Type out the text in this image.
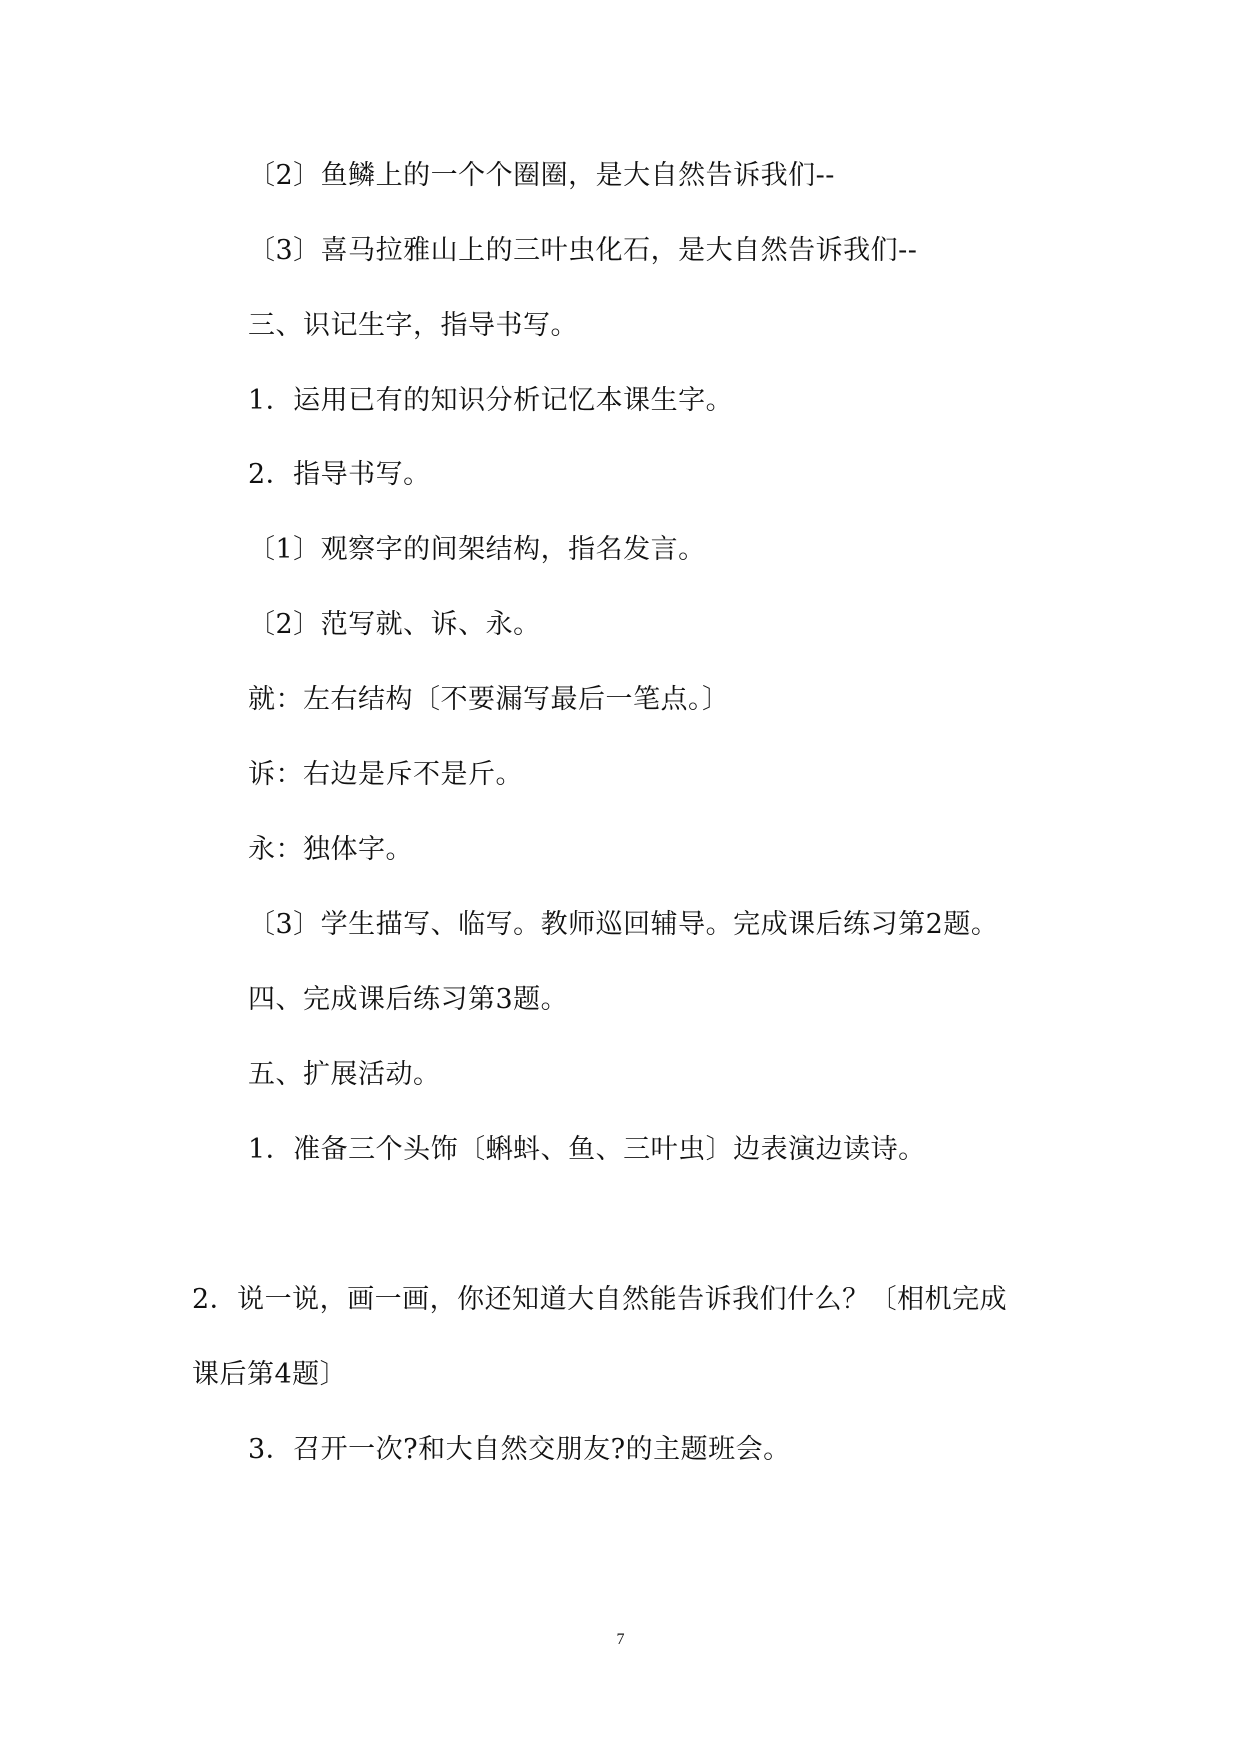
〔2〕鱼鳞上的一个个圈圈，是大自然告诉我们--
〔3〕喜马拉雅山上的三叶虫化石，是大自然告诉我们--
三、识记生字，指导书写。
1．运用已有的知识分析记忆本课生字。
2．指导书写。
〔1〕观察字的间架结构，指名发言。
〔2〕范写就、诉、永。
就：左右结构〔不要漏写最后一笔点。〕
诉：右边是斥不是斤。
永：独体字。
〔3〕学生描写、临写。教师巡回辅导。完成课后练习第2题。
四、完成课后练习第3题。
五、扩展活动。
1．准备三个头饰〔蝌蚪、鱼、三叶虫〕边表演边读诗。
2．说一说，画一画，你还知道大自然能告诉我们什么？〔相机完成
课后第4题〕
3．召开一次?和大自然交朋友?的主题班会。
7
